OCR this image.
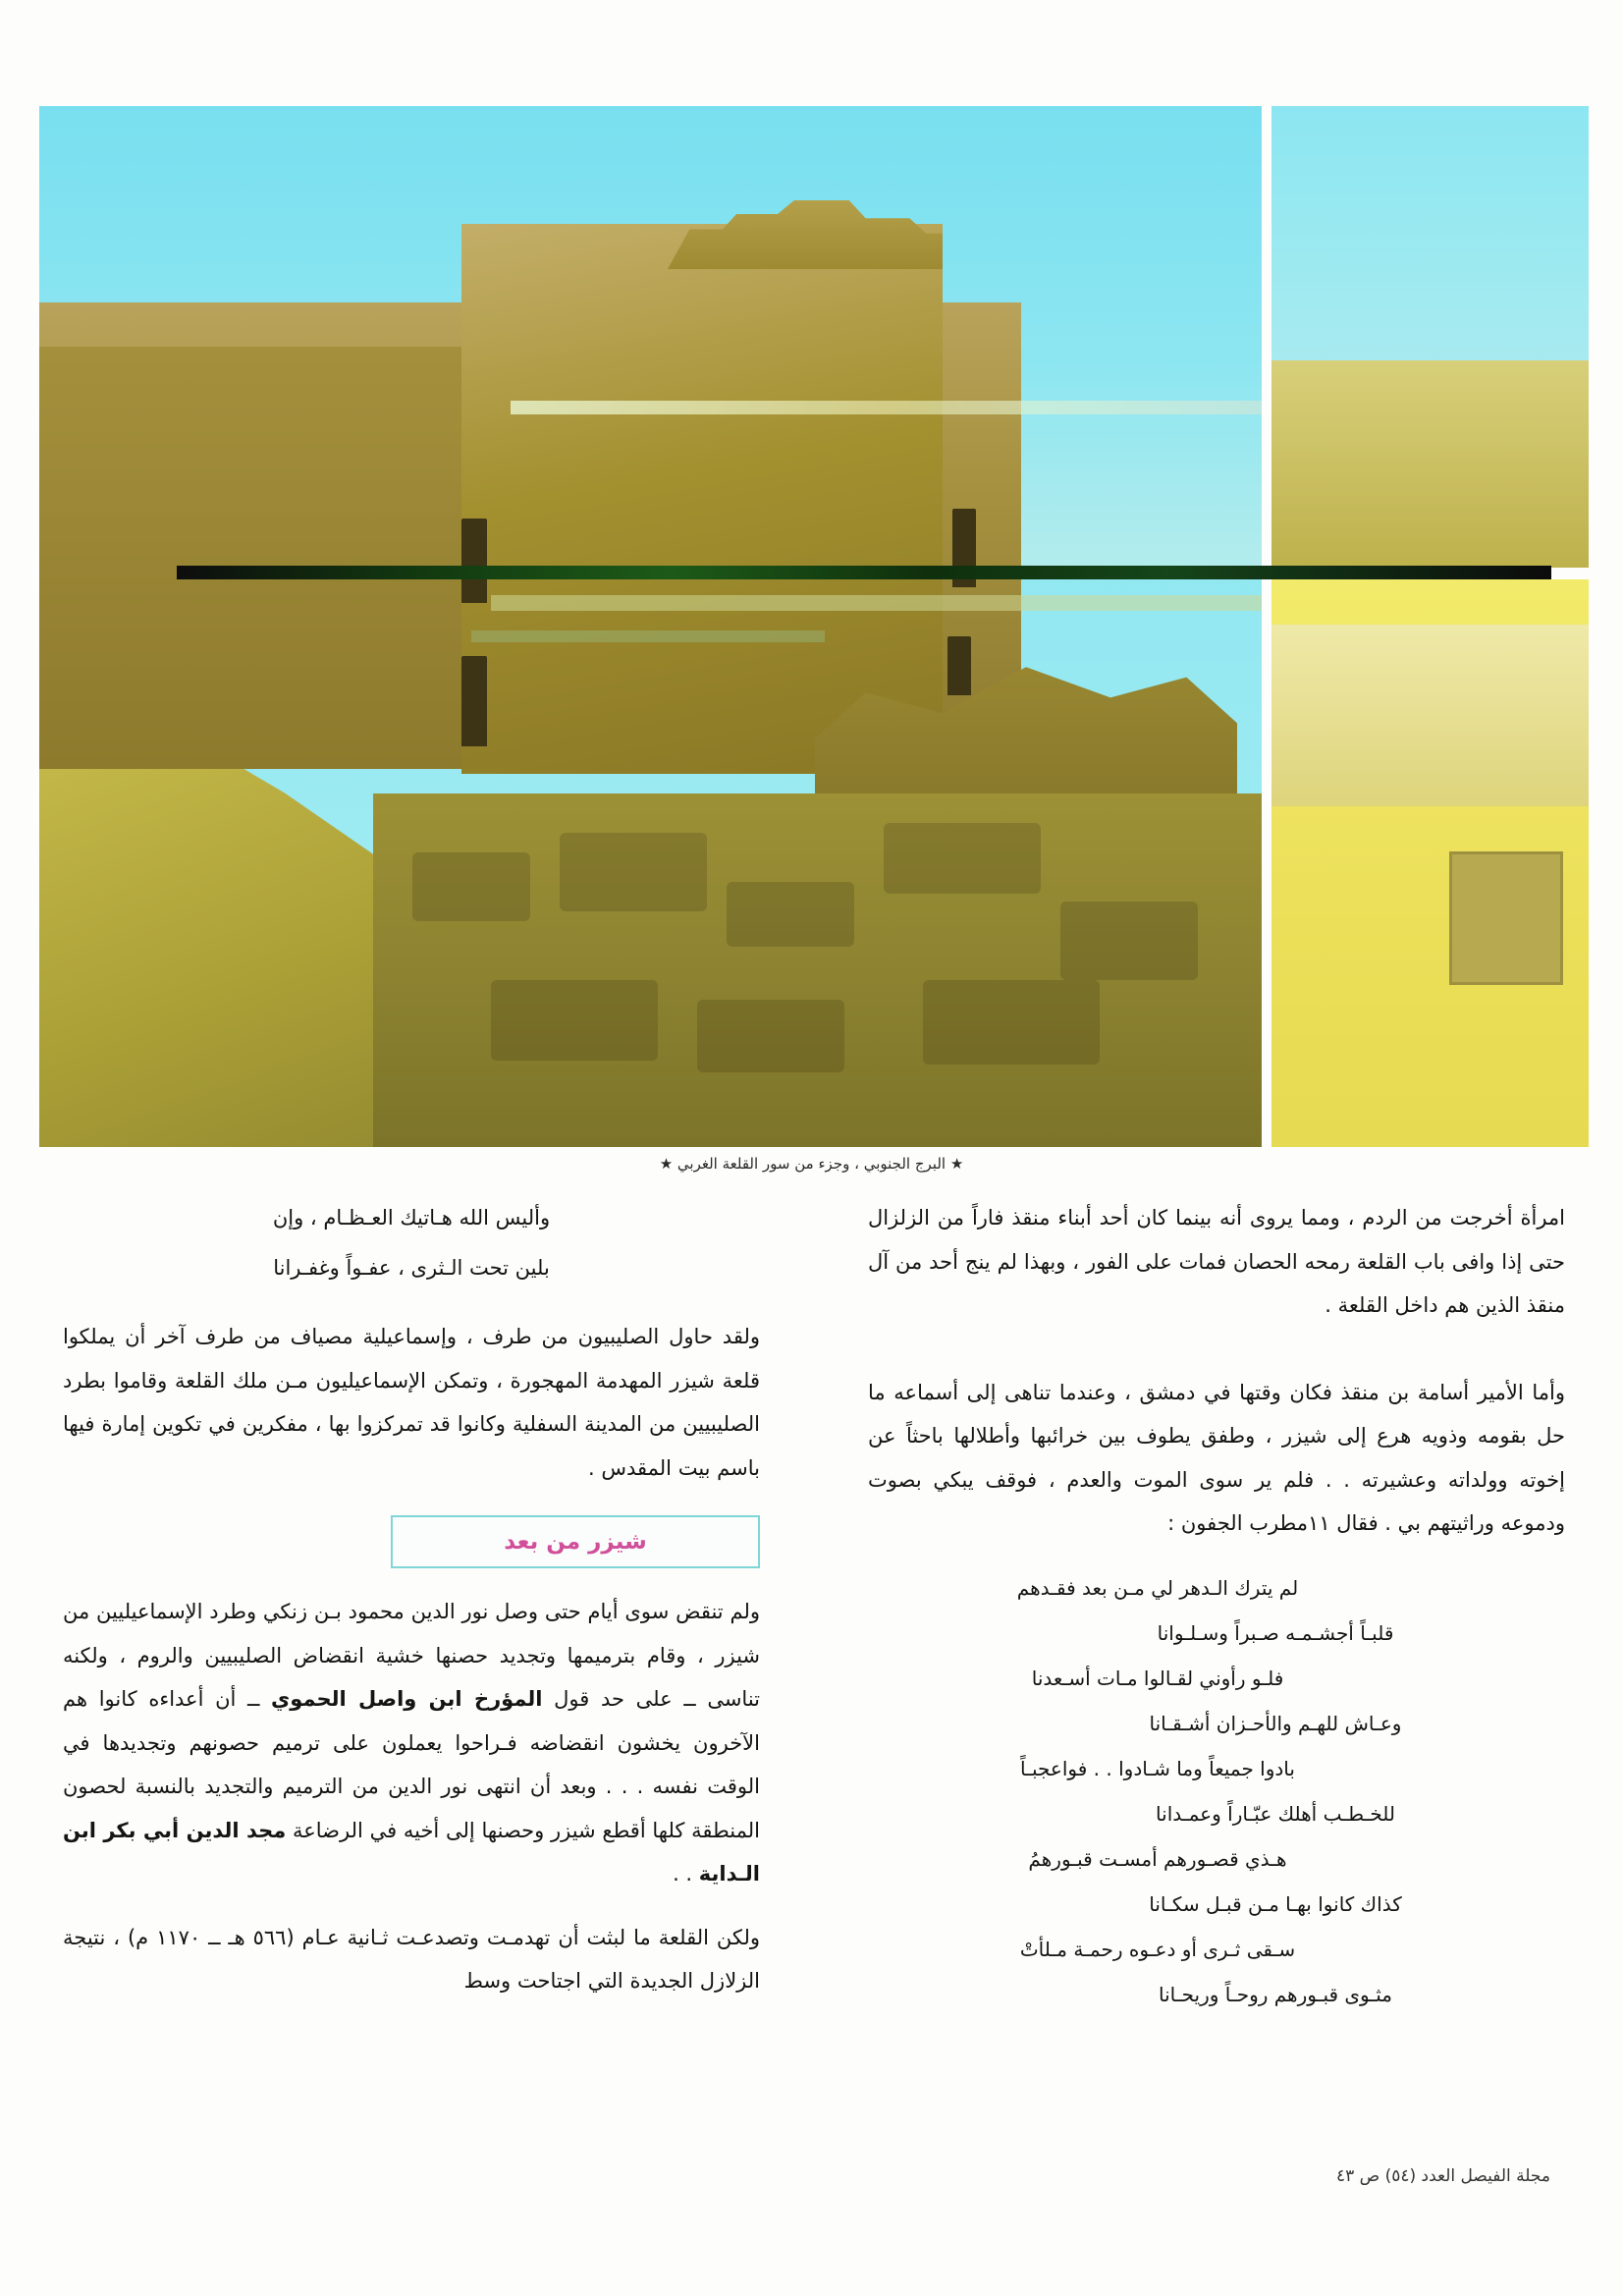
★ البرج الجنوبي ، وجزء من سور القلعة الغربي ★

امرأة أخرجت من الردم ، ومما يروى أنه بينما كان أحد أبناء منقذ فاراً من الزلزال حتى إذا وافى باب القلعة رمحه الحصان فمات على الفور ، وبهذا لم ينج أحد من آل منقذ الذين هم داخل القلعة .

وأما الأمير أسامة بن منقذ فكان وقتها في دمشق ، وعندما تناهى إلى أسماعه ما حل بقومه وذويه هرع إلى شيزر ، وطفق يطوف بين خرائبها وأطلالها باحثاً عن إخوته وولداته وعشيرته . . فلم ير سوى الموت والعدم ، فوقف يبكي بصوت ودموعه وراثيتهم بي . فقال ١١مطرب الجفون :

لم يترك الـدهر لي مـن بعد فقـدهم
قلبـاً أجشـمـه صـبراً وسـلـوانا
فلـو رأوني لقـالوا مـات أسـعدنا
وعـاش للهـم والأحـزان أشـقـانا
بادوا جميعاً وما شـادوا . . فواعجبـاً
للخـطـب أهلك عبّـاراً وعمـدانا
هـذي قصـورهم أمسـت قبـورهمُ
كذاك كانوا بهـا مـن قبـل سكـانا
سـقى ثـرى أو دعـوه رحمـة مـلأتْ
مثـوى قبـورهم روحـاً وريحـانا

وأليس الله هـاتيك العـظـام ، وإن

بلين تحت الـثرى ، عفـواً وغفـرانا

ولقد حاول الصليبيون من طرف ، وإسماعيلية مصياف من طرف آخر أن يملكوا قلعة شيزر المهدمة المهجورة ، وتمكن الإسماعيليون مـن ملك القلعة وقاموا بطرد الصليبيين من المدينة السفلية وكانوا قد تمركزوا بها ، مفكرين في تكوين إمارة فيها باسم بيت المقدس .

شيزر من بعد

ولم تنقض سوى أيام حتى وصل نور الدين محمود بـن زنكي وطرد الإسماعيليين من شيزر ، وقام بترميمها وتجديد حصنها خشية انقضاض الصليبيين والروم ، ولكنه تناسى ــ على حد قول المؤرخ ابن واصل الحموي ــ أن أعداءه كانوا هم الآخرون يخشون انقضاضه فـراحوا يعملون على ترميم حصونهم وتجديدها في الوقت نفسه . . . وبعد أن انتهى نور الدين من الترميم والتجديد بالنسبة لحصون المنطقة كلها أقطع شيزر وحصنها إلى أخيه في الرضاعة مجد الدين أبي بكر ابن الـداية . .

ولكن القلعة ما لبثت أن تهدمـت وتصدعـت ثـانية عـام (٥٦٦ هـ ــ ١١٧٠ م) ، نتيجة الزلازل الجديدة التي اجتاحت وسط

مجلة الفيصل العدد (٥٤) ص ٤٣
